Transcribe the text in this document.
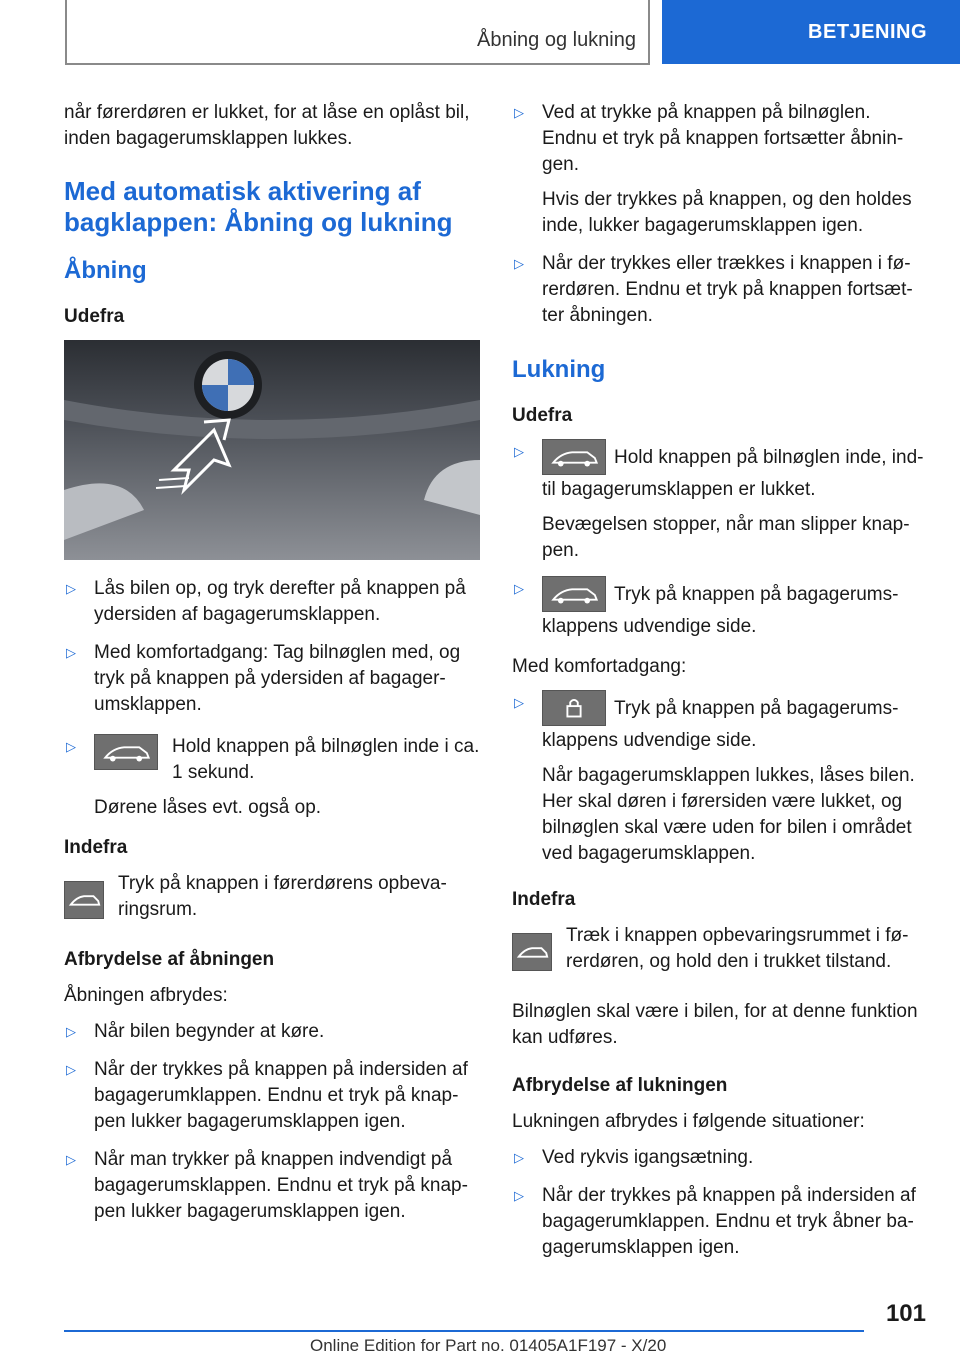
Åbning og lukning	BETJENING

når førerdøren er lukket, for at låse en oplåst bil, inden bagagerumsklappen lukkes.

Med automatisk aktivering af bagklappen: Åbning og lukning
Åbning
Udefra
▷ Lås bilen op, og tryk derefter på knappen på ydersiden af bagagerumsklappen.
▷ Med komfortadgang: Tag bilnøglen med, og tryk på knappen på ydersiden af bagagerumsklappen.
▷ Hold knappen på bilnøglen inde i ca. 1 sekund.
Dørene låses evt. også op.
Indefra

Tryk på knappen i førerdørens opbevaringsrum.

Afbrydelse af åbningen

Åbningen afbrydes:

▷ Når bilen begynder at køre.
▷ Når der trykkes på knappen på indersiden af bagagerumklappen. Endnu et tryk på knappen lukker bagagerumsklappen igen.
▷ Når man trykker på knappen indvendigt på bagagerumsklappen. Endnu et tryk på knappen lukker bagagerumsklappen igen.
▷ Ved at trykke på knappen på bilnøglen. Endnu et tryk på knappen fortsætter åbningen.
Hvis der trykkes på knappen, og den holdes inde, lukker bagagerumsklappen igen.
▷ Når der trykkes eller trækkes i knappen i førerdøren. Endnu et tryk på knappen fortsætter åbningen.
Lukning
Udefra
▷ Hold knappen på bilnøglen inde, indtil bagagerumsklappen er lukket.
Bevægelsen stopper, når man slipper knappen.
▷ Tryk på knappen på bagagerumsklappens udvendige side.

Med komfortadgang:

▷ Tryk på knappen på bagagerumsklappens udvendige side.
Når bagagerumsklappen lukkes, låses bilen. Her skal døren i førersiden være lukket, og bilnøglen skal være uden for bilen i området ved bagagerumsklappen.
Indefra

Træk i knappen opbevaringsrummet i førerdøren, og hold den i trukket tilstand.

Bilnøglen skal være i bilen, for at denne funktion kan udføres.

Afbrydelse af lukningen

Lukningen afbrydes i følgende situationer:

▷ Ved rykvis igangsætning.
▷ Når der trykkes på knappen på indersiden af bagagerumklappen. Endnu et tryk åbner bagagerumsklappen igen.
101
Online Edition for Part no. 01405A1F197 - X/20
